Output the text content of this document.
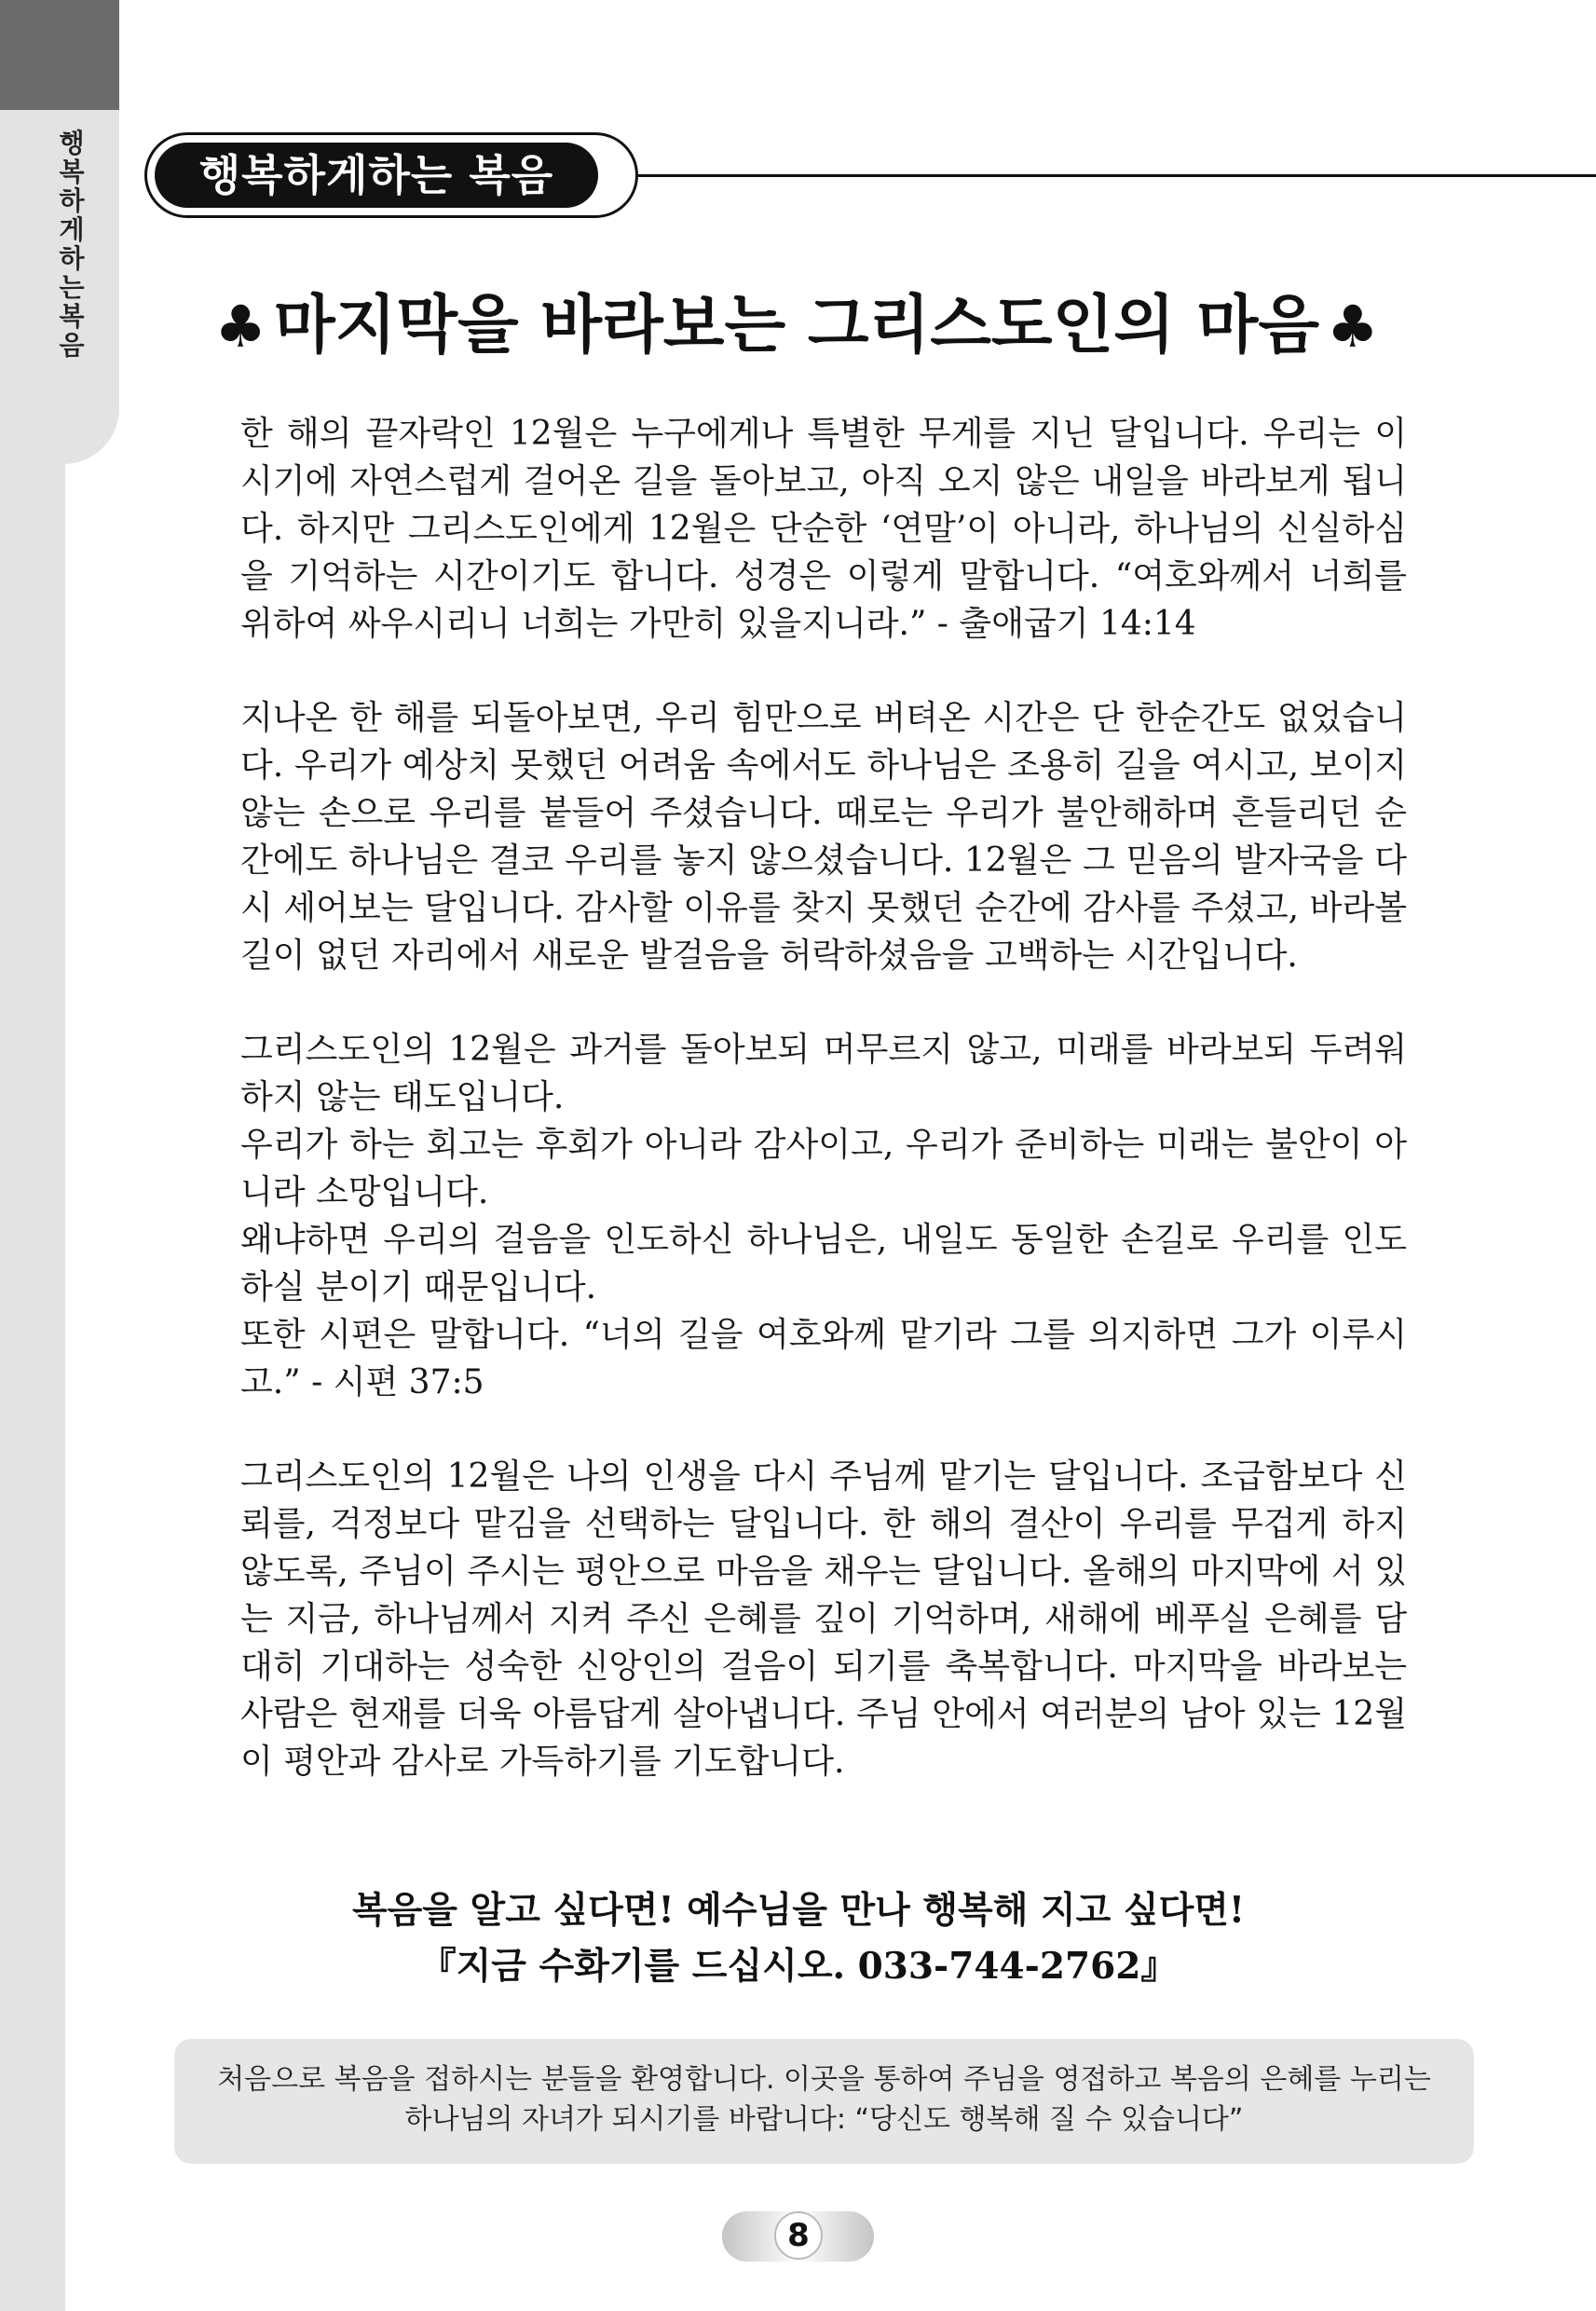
행복하게하는 복음
행복하게하는 복음
♣ 마지막을 바라보는 그리스도인의 마음 ♣

한 해의 끝자락인 12월은 누구에게나 특별한 무게를 지닌 달입니다. 우리는 이 시기에 자연스럽게 걸어온 길을 돌아보고, 아직 오지 않은 내일을 바라보게 됩니다. 하지만 그리스도인에게 12월은 단순한 ‘연말’이 아니라, 하나님의 신실하심을 기억하는 시간이기도 합니다. 성경은 이렇게 말합니다. “여호와께서 너희를 위하여 싸우시리니 너희는 가만히 있을지니라.” - 출애굽기 14:14

지나온 한 해를 되돌아보면, 우리 힘만으로 버텨온 시간은 단 한순간도 없었습니다. 우리가 예상치 못했던 어려움 속에서도 하나님은 조용히 길을 여시고, 보이지 않는 손으로 우리를 붙들어 주셨습니다. 때로는 우리가 불안해하며 흔들리던 순간에도 하나님은 결코 우리를 놓지 않으셨습니다. 12월은 그 믿음의 발자국을 다시 세어보는 달입니다. 감사할 이유를 찾지 못했던 순간에 감사를 주셨고, 바라볼 길이 없던 자리에서 새로운 발걸음을 허락하셨음을 고백하는 시간입니다.

그리스도인의 12월은 과거를 돌아보되 머무르지 않고, 미래를 바라보되 두려워하지 않는 태도입니다.

우리가 하는 회고는 후회가 아니라 감사이고, 우리가 준비하는 미래는 불안이 아니라 소망입니다.

왜냐하면 우리의 걸음을 인도하신 하나님은, 내일도 동일한 손길로 우리를 인도하실 분이기 때문입니다.

또한 시편은 말합니다. “너의 길을 여호와께 맡기라 그를 의지하면 그가 이루시고.” - 시편 37:5

그리스도인의 12월은 나의 인생을 다시 주님께 맡기는 달입니다. 조급함보다 신뢰를, 걱정보다 맡김을 선택하는 달입니다. 한 해의 결산이 우리를 무겁게 하지 않도록, 주님이 주시는 평안으로 마음을 채우는 달입니다. 올해의 마지막에 서 있는 지금, 하나님께서 지켜 주신 은혜를 깊이 기억하며, 새해에 베푸실 은혜를 담대히 기대하는 성숙한 신앙인의 걸음이 되기를 축복합니다. 마지막을 바라보는 사람은 현재를 더욱 아름답게 살아냅니다. 주님 안에서 여러분의 남아 있는 12월이 평안과 감사로 가득하기를 기도합니다.

복음을 알고 싶다면! 예수님을 만나 행복해 지고 싶다면!
『지금 수화기를 드십시오. 033-744-2762』
처음으로 복음을 접하시는 분들을 환영합니다. 이곳을 통하여 주님을 영접하고 복음의 은혜를 누리는
하나님의 자녀가 되시기를 바랍니다: “당신도 행복해 질 수 있습니다”
8
